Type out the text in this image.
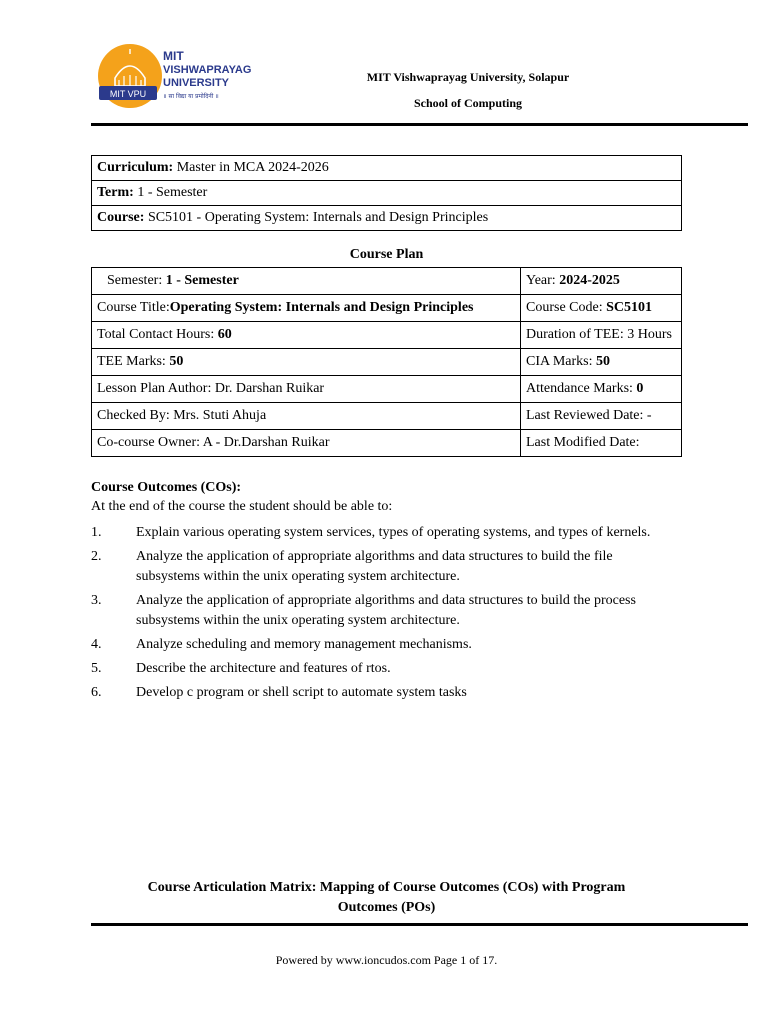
MIT VPU
MIT
VISHWAPRAYAG
UNIVERSITY
॥ सा विद्या या प्रमोदिनी ॥
MIT Vishwaprayag University, Solapur
School of Computing
Curriculum: Master in MCA 2024-2026
Term: 1 - Semester
Course: SC5101 - Operating System: Internals and Design Principles
Course Plan
Semester: 1 - Semester	Year: 2024-2025
Course Title:Operating System: Internals and Design Principles	Course Code: SC5101
Total Contact Hours: 60	Duration of TEE: 3 Hours
TEE Marks: 50	CIA Marks: 50
Lesson Plan Author: Dr. Darshan Ruikar	Attendance Marks: 0
Checked By: Mrs. Stuti Ahuja	Last Reviewed Date: -
Co-course Owner: A - Dr.Darshan Ruikar	Last Modified Date:
Course Outcomes (COs):
At the end of the course the student should be able to:
1.	Explain various operating system services, types of operating systems, and types of kernels.
2.	Analyze the application of appropriate algorithms and data structures to build the file subsystems within the unix operating system architecture.
3.	Analyze the application of appropriate algorithms and data structures to build the process subsystems within the unix operating system architecture.
4.	Analyze scheduling and memory management mechanisms.
5.	Describe the architecture and features of rtos.
6.	Develop c program or shell script to automate system tasks
Course Articulation Matrix: Mapping of Course Outcomes (COs) with Program
Outcomes (POs)
Powered by www.ioncudos.com Page 1 of 17.
